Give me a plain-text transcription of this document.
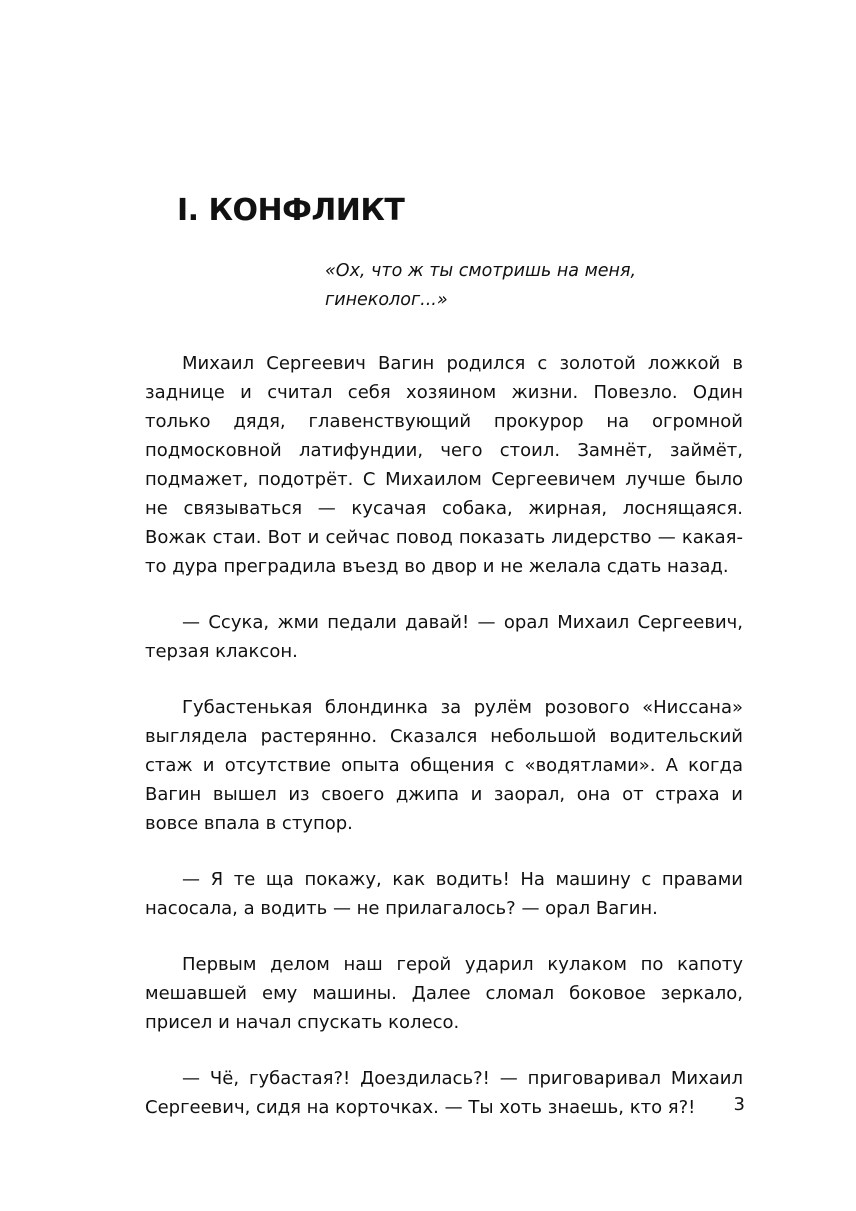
I. КОНФЛИКТ
«Ох, что ж ты смотришь на меня,
гинеколог...»

Михаил Сергеевич Вагин родился с золотой ложкой в заднице и считал себя хозяином жизни. Повезло. Один только дядя, главенствующий прокурор на огромной подмосковной латифундии, чего стоил. Замнёт, займёт, подмажет, подотрёт. С Михаилом Сергеевичем лучше было не связываться — кусачая собака, жирная, лоснящаяся. Вожак стаи. Вот и сейчас повод показать лидерство — какая-то дура преградила въезд во двор и не желала сдать назад.

— Ссука, жми педали давай! — орал Михаил Сергеевич, терзая клаксон.

Губастенькая блондинка за рулём розового «Ниссана» выглядела растерянно. Сказался небольшой водительский стаж и отсутствие опыта общения с «водятлами». А когда Вагин вышел из своего джипа и заорал, она от страха и вовсе впала в ступор.

— Я те ща покажу, как водить! На машину с правами насосала, а водить — не прилагалось? — орал Вагин.

Первым делом наш герой ударил кулаком по капоту мешавшей ему машины. Далее сломал боковое зеркало, присел и начал спускать колесо.

— Чё, губастая?! Доездилась?! — приговаривал Михаил Сергеевич, сидя на корточках. — Ты хоть знаешь, кто я?!	3
